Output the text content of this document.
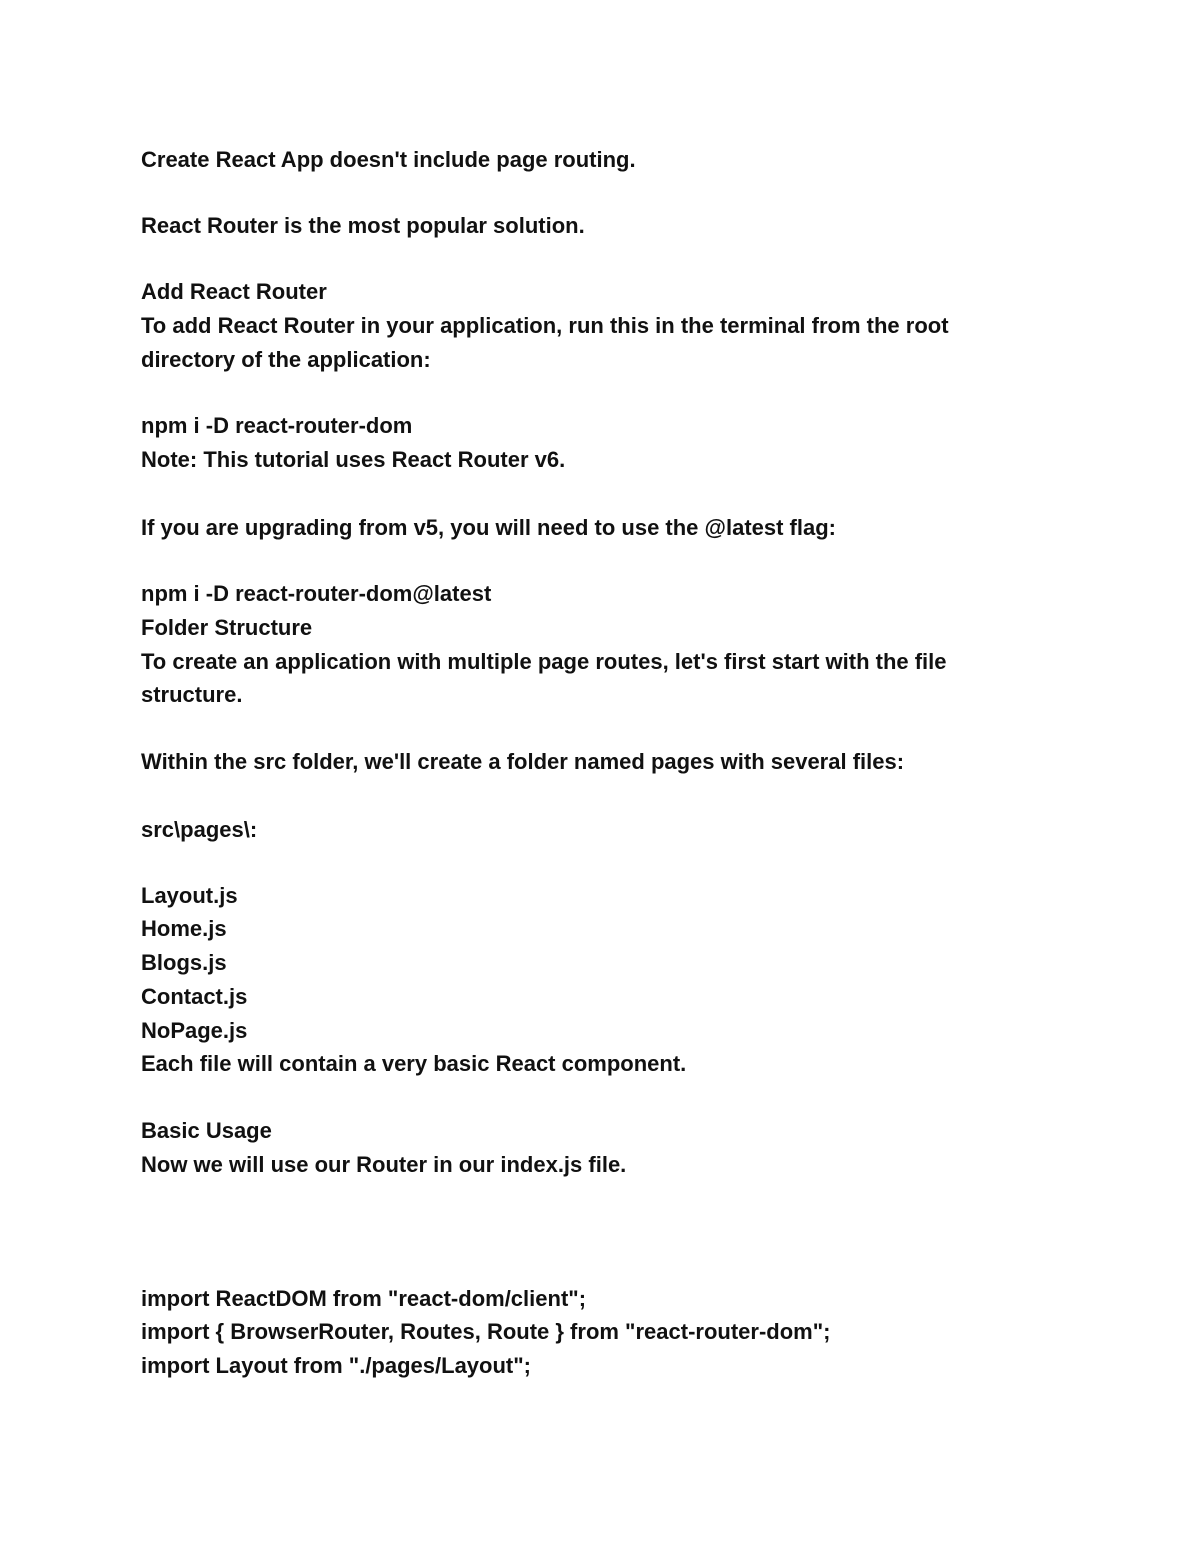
Create React App doesn't include page routing.
React Router is the most popular solution.
Add React Router
To add React Router in your application, run this in the terminal from the root
directory of the application:
npm i -D react-router-dom
Note: This tutorial uses React Router v6.
If you are upgrading from v5, you will need to use the @latest flag:
npm i -D react-router-dom@latest
Folder Structure
To create an application with multiple page routes, let's first start with the file
structure.
Within the src folder, we'll create a folder named pages with several files:
src\pages\:
Layout.js
Home.js
Blogs.js
Contact.js
NoPage.js
Each file will contain a very basic React component.
Basic Usage
Now we will use our Router in our index.js file.
import ReactDOM from "react-dom/client";
import { BrowserRouter, Routes, Route } from "react-router-dom";
import Layout from "./pages/Layout";
